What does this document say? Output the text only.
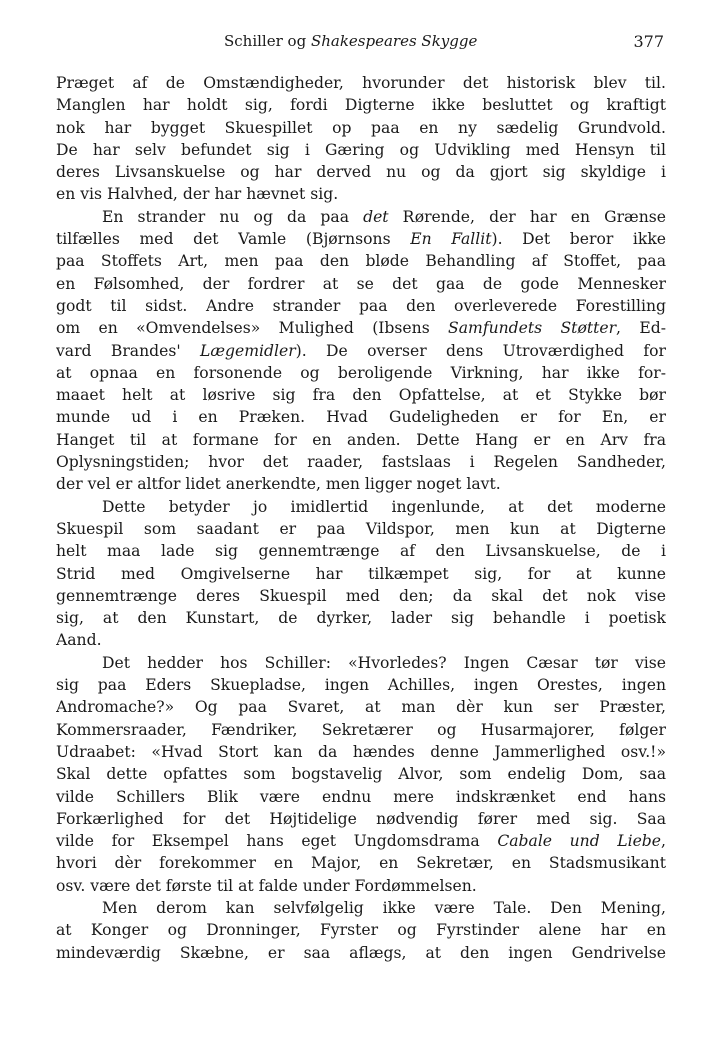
Schiller og Shakespeares Skygge	377
Præget af de Omstændigheder, hvorunder det historisk blev til.
Manglen har holdt sig, fordi Digterne ikke besluttet og kraftigt
nok har bygget Skuespillet op paa en ny sædelig Grundvold.
De har selv befundet sig i Gæring og Udvikling med Hensyn til
deres Livsanskuelse og har derved nu og da gjort sig skyldige i
en vis Halvhed, der har hævnet sig.
En strander nu og da paa det Rørende, der har en Grænse
tilfælles med det Vamle (Bjørnsons En Fallit). Det beror ikke
paa Stoffets Art, men paa den bløde Behandling af Stoffet, paa
en Følsomhed, der fordrer at se det gaa de gode Mennesker
godt til sidst. Andre strander paa den overleverede Forestilling
om en «Omvendelses» Mulighed (Ibsens Samfundets Støtter, Ed-
vard Brandes' Lægemidler). De overser dens Utroværdighed for
at opnaa en forsonende og beroligende Virkning, har ikke for-
maaet helt at løsrive sig fra den Opfattelse, at et Stykke bør
munde ud i en Præken. Hvad Gudeligheden er for En, er
Hanget til at formane for en anden. Dette Hang er en Arv fra
Oplysningstiden; hvor det raader, fastslaas i Regelen Sandheder,
der vel er altfor lidet anerkendte, men ligger noget lavt.
Dette betyder jo imidlertid ingenlunde, at det moderne
Skuespil som saadant er paa Vildspor, men kun at Digterne
helt maa lade sig gennemtrænge af den Livsanskuelse, de i
Strid med Omgivelserne har tilkæmpet sig, for at kunne
gennemtrænge deres Skuespil med den; da skal det nok vise
sig, at den Kunstart, de dyrker, lader sig behandle i poetisk
Aand.
Det hedder hos Schiller: «Hvorledes? Ingen Cæsar tør vise
sig paa Eders Skuepladse, ingen Achilles, ingen Orestes, ingen
Andromache?» Og paa Svaret, at man dèr kun ser Præster,
Kommersraader, Fændriker, Sekretærer og Husarmajorer, følger
Udraabet: «Hvad Stort kan da hændes denne Jammerlighed osv.!»
Skal dette opfattes som bogstavelig Alvor, som endelig Dom, saa
vilde Schillers Blik være endnu mere indskrænket end hans
Forkærlighed for det Højtidelige nødvendig fører med sig. Saa
vilde for Eksempel hans eget Ungdomsdrama Cabale und Liebe,
hvori dèr forekommer en Major, en Sekretær, en Stadsmusikant
osv. være det første til at falde under Fordømmelsen.
Men derom kan selvfølgelig ikke være Tale. Den Mening,
at Konger og Dronninger, Fyrster og Fyrstinder alene har en
mindeværdig Skæbne, er saa aflægs, at den ingen Gendrivelse
